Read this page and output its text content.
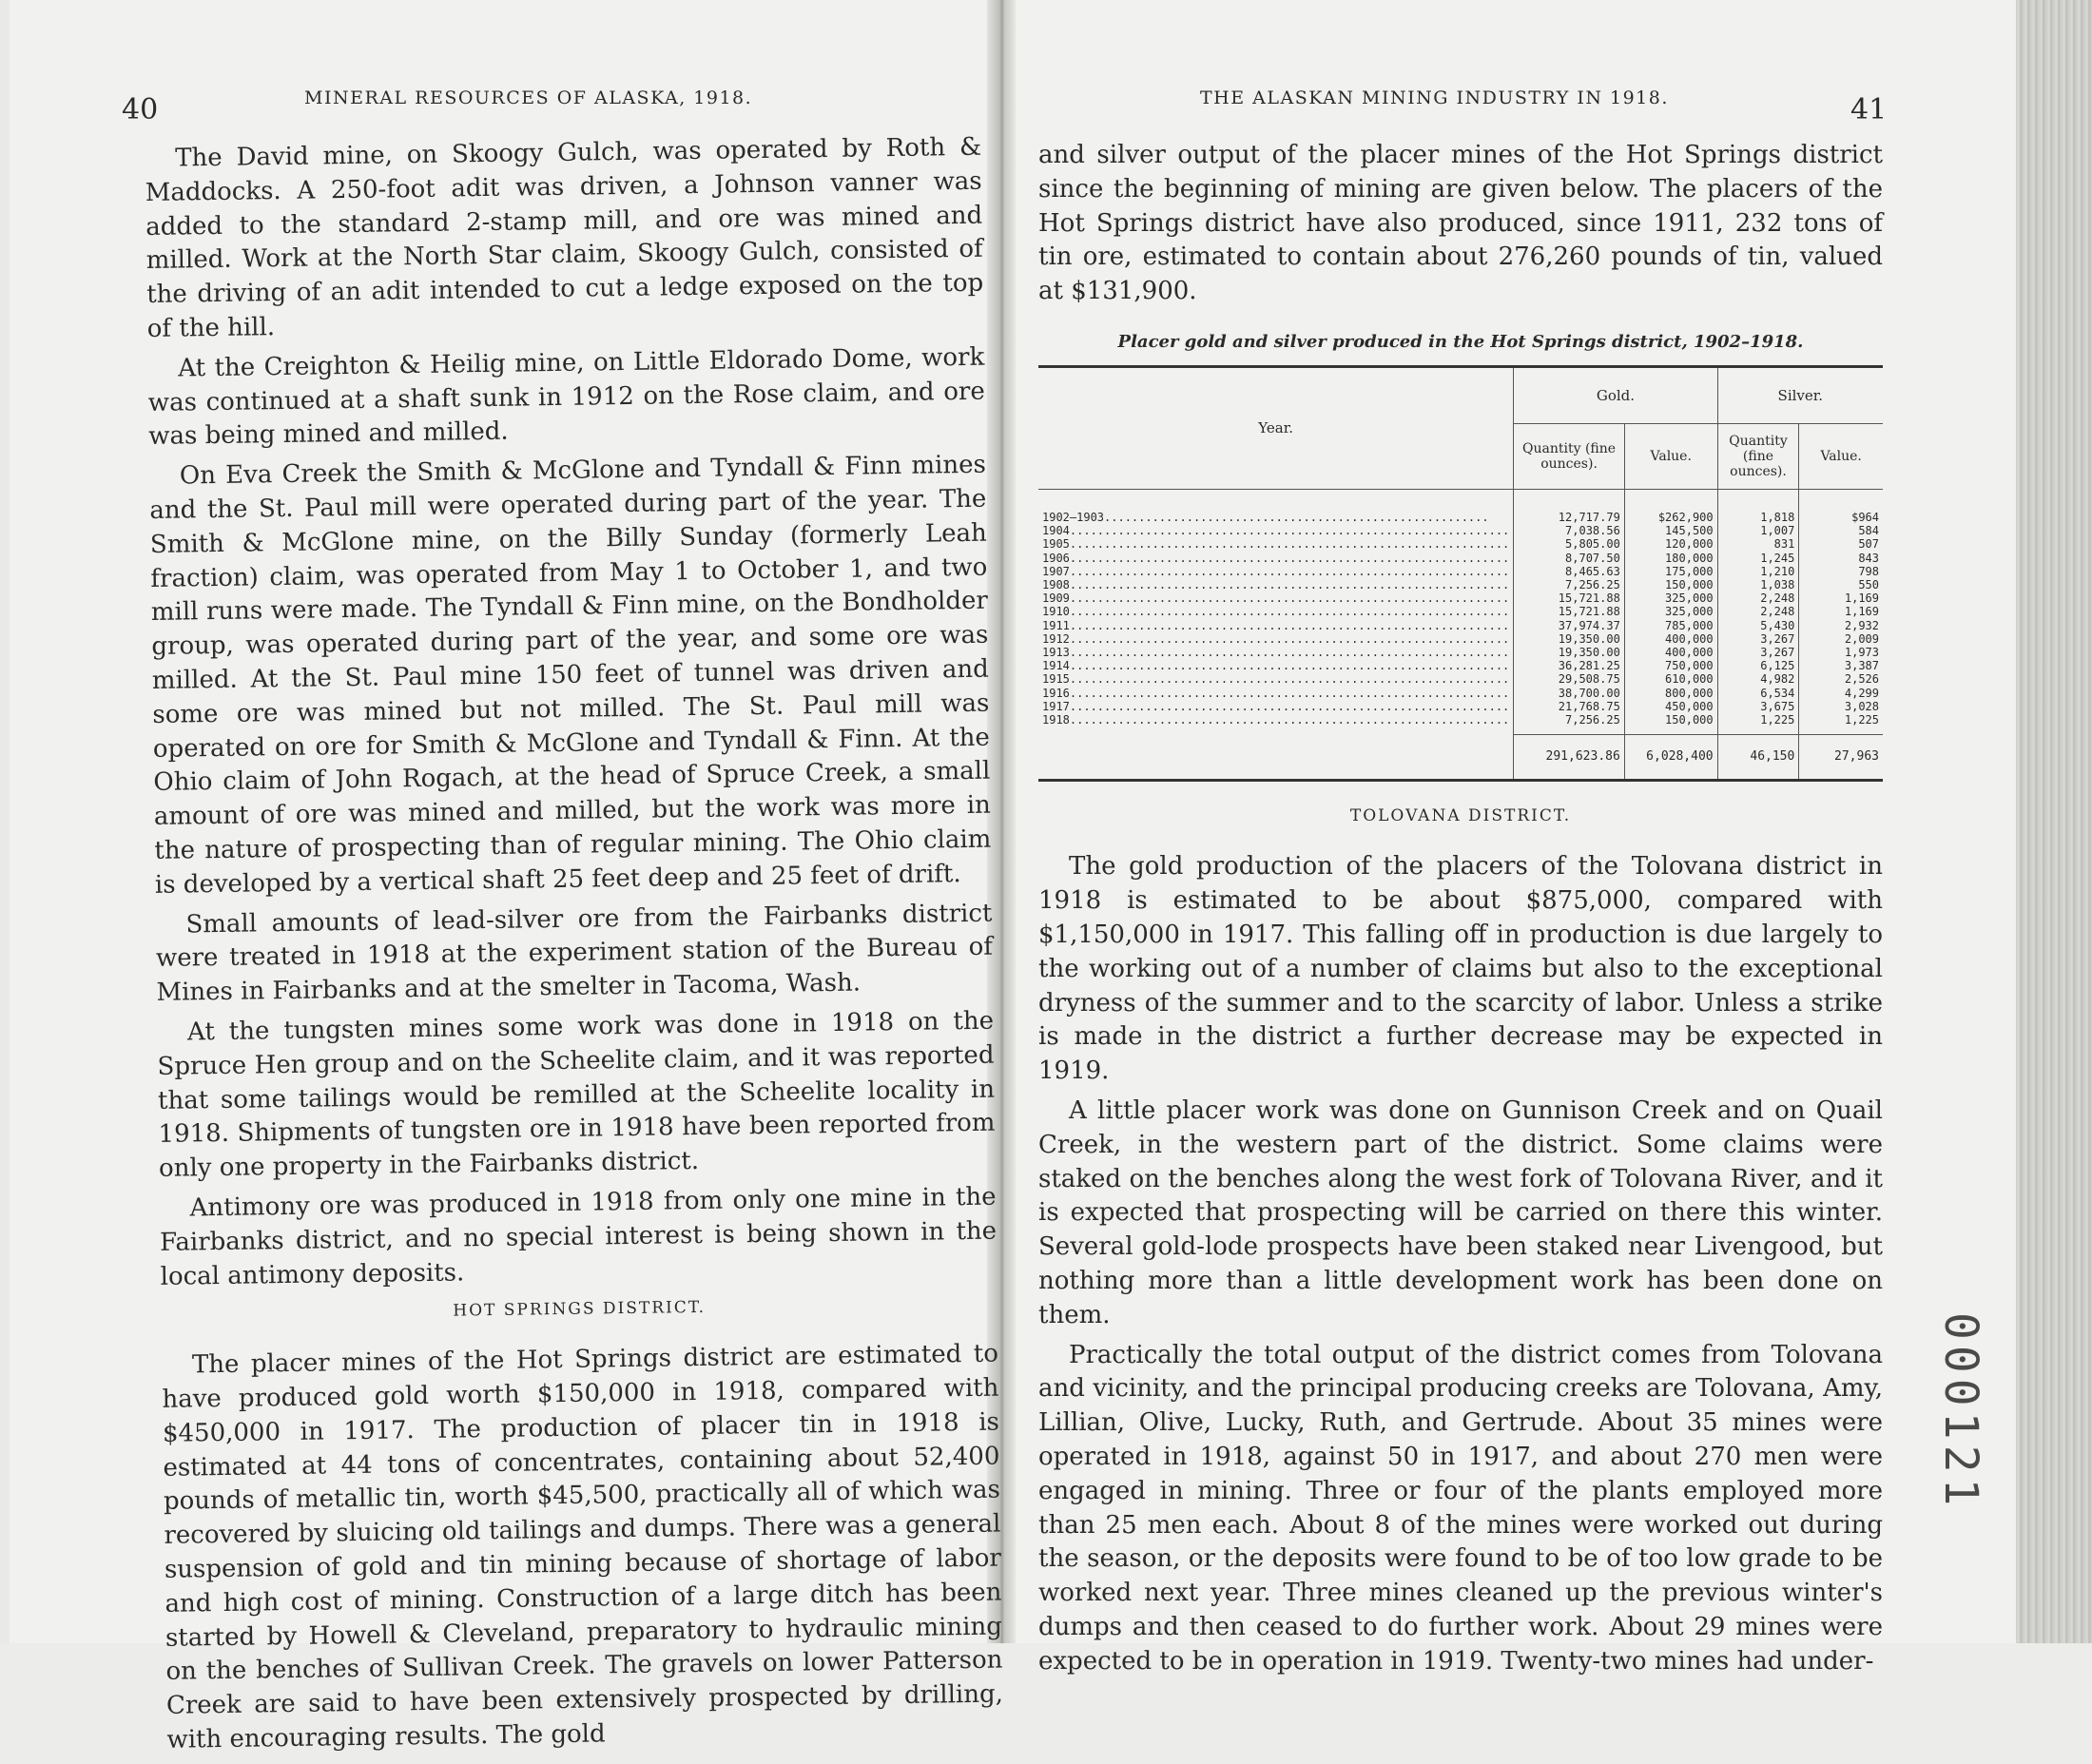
40	MINERAL RESOURCES OF ALASKA, 1918.

The David mine, on Skoogy Gulch, was operated by Roth & Maddocks. A 250-foot adit was driven, a Johnson vanner was added to the standard 2-stamp mill, and ore was mined and milled. Work at the North Star claim, Skoogy Gulch, consisted of the driving of an adit intended to cut a ledge exposed on the top of the hill.

At the Creighton & Heilig mine, on Little Eldorado Dome, work was continued at a shaft sunk in 1912 on the Rose claim, and ore was being mined and milled.

On Eva Creek the Smith & McGlone and Tyndall & Finn mines and the St. Paul mill were operated during part of the year. The Smith & McGlone mine, on the Billy Sunday (formerly Leah fraction) claim, was operated from May 1 to October 1, and two mill runs were made. The Tyndall & Finn mine, on the Bondholder group, was operated during part of the year, and some ore was milled. At the St. Paul mine 150 feet of tunnel was driven and some ore was mined but not milled. The St. Paul mill was operated on ore for Smith & McGlone and Tyndall & Finn. At the Ohio claim of John Rogach, at the head of Spruce Creek, a small amount of ore was mined and milled, but the work was more in the nature of prospecting than of regular mining. The Ohio claim is developed by a vertical shaft 25 feet deep and 25 feet of drift.

Small amounts of lead-silver ore from the Fairbanks district were treated in 1918 at the experiment station of the Bureau of Mines in Fairbanks and at the smelter in Tacoma, Wash.

At the tungsten mines some work was done in 1918 on the Spruce Hen group and on the Scheelite claim, and it was reported that some tailings would be remilled at the Scheelite locality in 1918. Shipments of tungsten ore in 1918 have been reported from only one property in the Fairbanks district.

Antimony ore was produced in 1918 from only one mine in the Fairbanks district, and no special interest is being shown in the local antimony deposits.

HOT SPRINGS DISTRICT.

The placer mines of the Hot Springs district are estimated to have produced gold worth $150,000 in 1918, compared with $450,000 in 1917. The production of placer tin in 1918 is estimated at 44 tons of concentrates, containing about 52,400 pounds of metallic tin, worth $45,500, practically all of which was recovered by sluicing old tailings and dumps. There was a general suspension of gold and tin mining because of shortage of labor and high cost of mining. Construction of a large ditch has been started by Howell & Cleveland, preparatory to hydraulic mining on the benches of Sullivan Creek. The gravels on lower Patterson Creek are said to have been extensively prospected by drilling, with encouraging results. The gold

THE ALASKAN MINING INDUSTRY IN 1918.	41

and silver output of the placer mines of the Hot Springs district since the beginning of mining are given below. The placers of the Hot Springs district have also produced, since 1911, 232 tons of tin ore, estimated to contain about 276,260 pounds of tin, valued at $131,900.

Placer gold and silver produced in the Hot Springs district, 1902–1918.
Year.	Gold.		Silver.	
	Quantity (fine ounces).	Value.	Quantity (fine ounces).	Value.
1902–1903........................................................	12,717.79	$262,900	1,818	$964
1904................................................................	7,038.56	145,500	1,007	584
1905................................................................	5,805.00	120,000	831	507
1906................................................................	8,707.50	180,000	1,245	843
1907................................................................	8,465.63	175,000	1,210	798
1908................................................................	7,256.25	150,000	1,038	550
1909................................................................	15,721.88	325,000	2,248	1,169
1910................................................................	15,721.88	325,000	2,248	1,169
1911................................................................	37,974.37	785,000	5,430	2,932
1912................................................................	19,350.00	400,000	3,267	2,009
1913................................................................	19,350.00	400,000	3,267	1,973
1914................................................................	36,281.25	750,000	6,125	3,387
1915................................................................	29,508.75	610,000	4,982	2,526
1916................................................................	38,700.00	800,000	6,534	4,299
1917................................................................	21,768.75	450,000	3,675	3,028
1918................................................................	7,256.25	150,000	1,225	1,225
	291,623.86	6,028,400	46,150	27,963
TOLOVANA DISTRICT.

The gold production of the placers of the Tolovana district in 1918 is estimated to be about $875,000, compared with $1,150,000 in 1917. This falling off in production is due largely to the working out of a number of claims but also to the exceptional dryness of the summer and to the scarcity of labor. Unless a strike is made in the district a further decrease may be expected in 1919.

A little placer work was done on Gunnison Creek and on Quail Creek, in the western part of the district. Some claims were staked on the benches along the west fork of Tolovana River, and it is expected that prospecting will be carried on there this winter. Several gold-lode prospects have been staked near Livengood, but nothing more than a little development work has been done on them.

Practically the total output of the district comes from Tolovana and vicinity, and the principal producing creeks are Tolovana, Amy, Lillian, Olive, Lucky, Ruth, and Gertrude. About 35 mines were operated in 1918, against 50 in 1917, and about 270 men were engaged in mining. Three or four of the plants employed more than 25 men each. About 8 of the mines were worked out during the season, or the deposits were found to be of too low grade to be worked next year. Three mines cleaned up the previous winter's dumps and then ceased to do further work. About 29 mines were expected to be in operation in 1919. Twenty-two mines had under-

000121
